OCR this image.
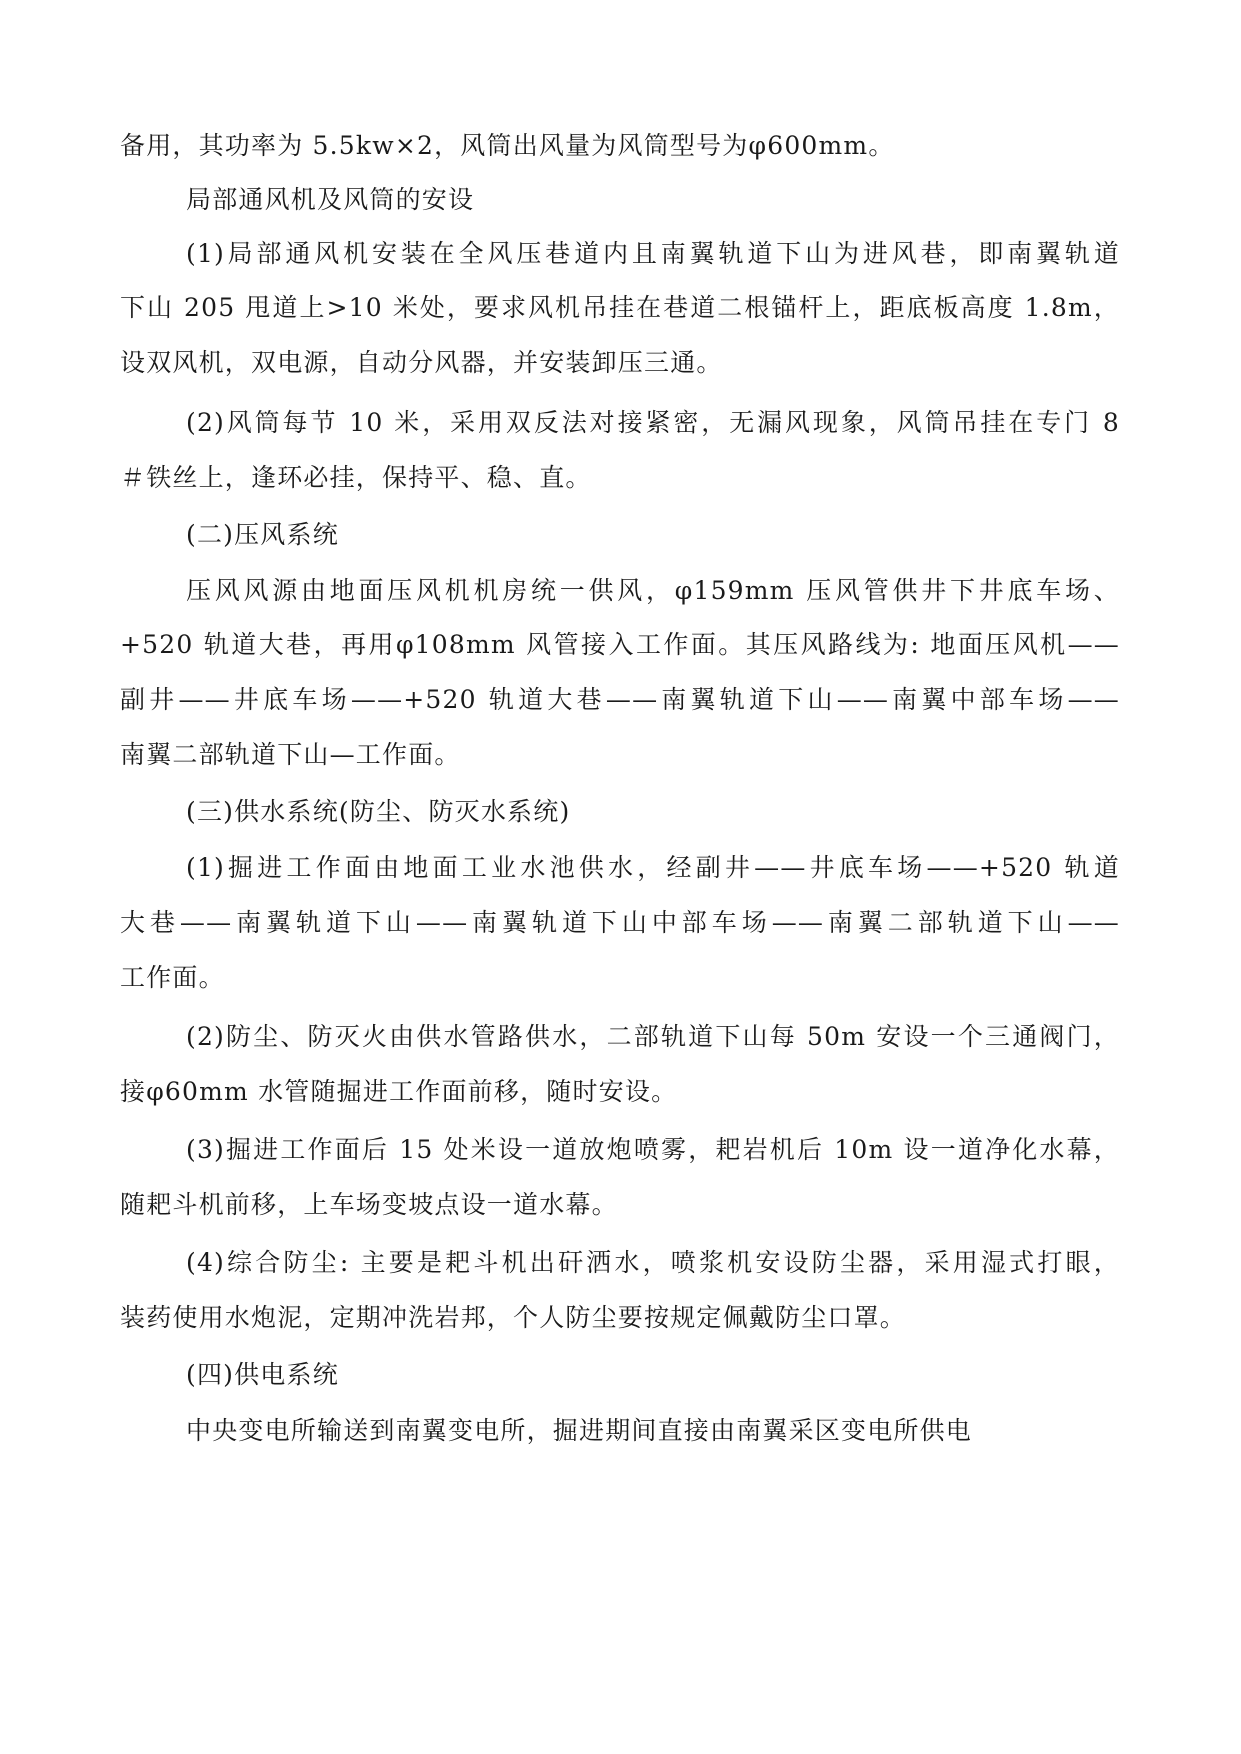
备用，其功率为 5.5kw×2，风筒出风量为风筒型号为φ600mm。
局部通风机及风筒的安设
(1)局部通风机安装在全风压巷道内且南翼轨道下山为进风巷，即南翼轨道
下山 205 甩道上>10 米处，要求风机吊挂在巷道二根锚杆上，距底板高度 1.8m，
设双风机，双电源，自动分风器，并安装卸压三通。
(2)风筒每节 10 米，采用双反法对接紧密，无漏风现象，风筒吊挂在专门 8
＃铁丝上，逢环必挂，保持平、稳、直。
(二)压风系统
压风风源由地面压风机机房统一供风，φ159mm 压风管供井下井底车场、
+520 轨道大巷，再用φ108mm 风管接入工作面。其压风路线为: 地面压风机——
副井——井底车场——+520 轨道大巷——南翼轨道下山——南翼中部车场——
南翼二部轨道下山—工作面。
(三)供水系统(防尘、防灭水系统)
(1)掘进工作面由地面工业水池供水，经副井——井底车场——+520 轨道
大巷——南翼轨道下山——南翼轨道下山中部车场——南翼二部轨道下山——
工作面。
(2)防尘、防灭火由供水管路供水，二部轨道下山每 50m 安设一个三通阀门，
接φ60mm 水管随掘进工作面前移，随时安设。
(3)掘进工作面后 15 处米设一道放炮喷雾，耙岩机后 10m 设一道净化水幕，
随耙斗机前移，上车场变坡点设一道水幕。
(4)综合防尘: 主要是耙斗机出矸洒水，喷浆机安设防尘器，采用湿式打眼，
装药使用水炮泥，定期冲洗岩邦，个人防尘要按规定佩戴防尘口罩。
(四)供电系统
中央变电所输送到南翼变电所，掘进期间直接由南翼采区变电所供电
